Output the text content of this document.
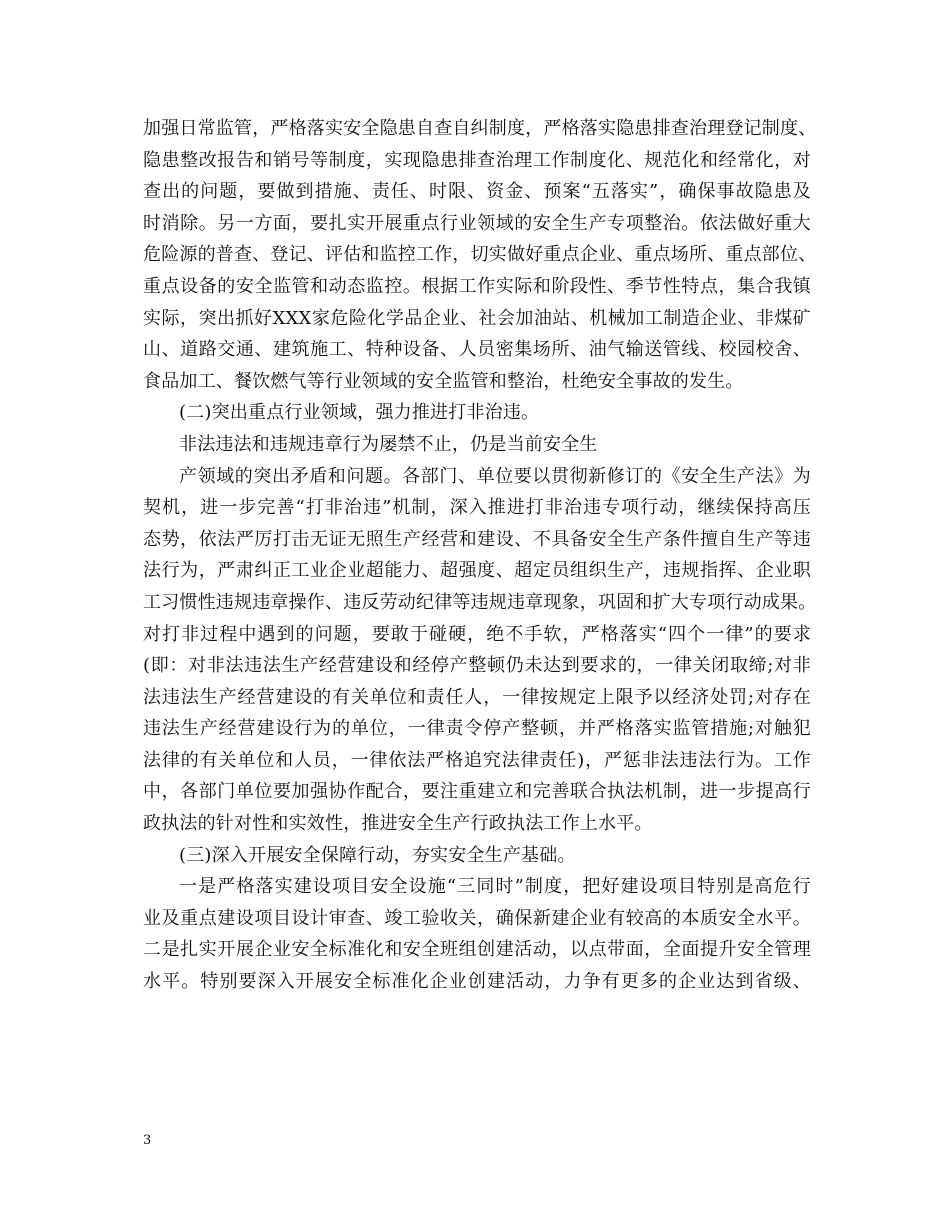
加强日常监管，严格落实安全隐患自查自纠制度，严格落实隐患排查治理登记制度、
隐患整改报告和销号等制度，实现隐患排查治理工作制度化、规范化和经常化，对
查出的问题，要做到措施、责任、时限、资金、预案“五落实”，确保事故隐患及
时消除。另一方面，要扎实开展重点行业领域的安全生产专项整治。依法做好重大
危险源的普查、登记、评估和监控工作，切实做好重点企业、重点场所、重点部位、
重点设备的安全监管和动态监控。根据工作实际和阶段性、季节性特点，集合我镇
实际，突出抓好XXX家危险化学品企业、社会加油站、机械加工制造企业、非煤矿
山、道路交通、建筑施工、特种设备、人员密集场所、油气输送管线、校园校舍、
食品加工、餐饮燃气等行业领域的安全监管和整治，杜绝安全事故的发生。
(二)突出重点行业领域，强力推进打非治违。
非法违法和违规违章行为屡禁不止，仍是当前安全生
产领域的突出矛盾和问题。各部门、单位要以贯彻新修订的《安全生产法》为
契机，进一步完善“打非治违”机制，深入推进打非治违专项行动，继续保持高压
态势，依法严厉打击无证无照生产经营和建设、不具备安全生产条件擅自生产等违
法行为，严肃纠正工业企业超能力、超强度、超定员组织生产，违规指挥、企业职
工习惯性违规违章操作、违反劳动纪律等违规违章现象，巩固和扩大专项行动成果。
对打非过程中遇到的问题，要敢于碰硬，绝不手软，严格落实“四个一律”的要求
(即：对非法违法生产经营建设和经停产整顿仍未达到要求的，一律关闭取缔;对非
法违法生产经营建设的有关单位和责任人，一律按规定上限予以经济处罚;对存在
违法生产经营建设行为的单位，一律责令停产整顿，并严格落实监管措施;对触犯
法律的有关单位和人员，一律依法严格追究法律责任)，严惩非法违法行为。工作
中，各部门单位要加强协作配合，要注重建立和完善联合执法机制，进一步提高行
政执法的针对性和实效性，推进安全生产行政执法工作上水平。
(三)深入开展安全保障行动，夯实安全生产基础。
一是严格落实建设项目安全设施“三同时”制度，把好建设项目特别是高危行
业及重点建设项目设计审查、竣工验收关，确保新建企业有较高的本质安全水平。
二是扎实开展企业安全标准化和安全班组创建活动，以点带面，全面提升安全管理
水平。特别要深入开展安全标准化企业创建活动，力争有更多的企业达到省级、
3
